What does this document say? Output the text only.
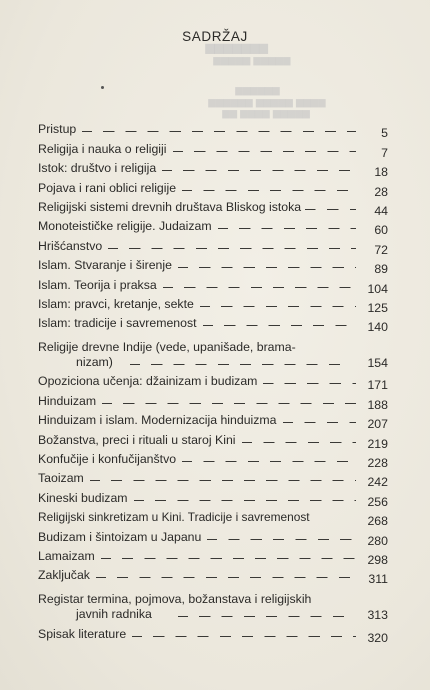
▆▆▆▆▆▆▆
▆▆▆▆▆ ▆▆▆▆▆
▆▆▆▆▆▆
▆▆▆▆ ▆▆▆▆▆ ▆▆▆▆▆▆
▆▆▆▆▆ ▆▆▆▆ ▆▆
SADRŽAJ
Pristup	5
Religija i nauka o religiji	7
Istok: društvo i religija	18
Pojava i rani oblici religije	28
Religijski sistemi drevnih društava Bliskog istoka	44
Monoteističke religije. Judaizam	60
Hrišćanstvo	72
Islam. Stvaranje i širenje	89
Islam. Teorija i praksa	104
Islam: pravci, kretanje, sekte	125
Islam: tradicije i savremenost	140
Religije drevne Indije (vede, upanišade, brama-
nizam)	154
Opoziciona učenja: džainizam i budizam	171
Hinduizam	188
Hinduizam i islam. Modernizacija hinduizma	207
Božanstva, preci i rituali u staroj Kini	219
Konfučije i konfučijanštvo	228
Taoizam	242
Kineski budizam	256
Religijski sinkretizam u Kini. Tradicije i savremenost	268
Budizam i šintoizam u Japanu	280
Lamaizam	298
Zaključak	311
Registar termina, pojmova, božanstava i religijskih
javnih radnika	313
Spisak literature	320
